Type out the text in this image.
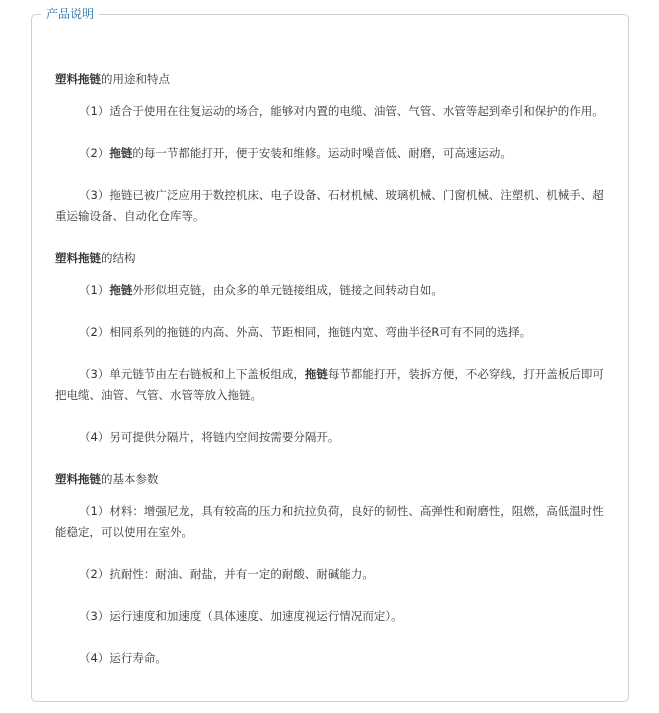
产品说明

塑料拖链的用途和特点

（1）适合于使用在往复运动的场合，能够对内置的电缆、油管、气管、水管等起到牵引和保护的作用。

（2）拖链的每一节都能打开，便于安装和维修。运动时噪音低、耐磨，可高速运动。

（3）拖链已被广泛应用于数控机床、电子设备、石材机械、玻璃机械、门窗机械、注塑机、机械手、超重运输设备、自动化仓库等。

塑料拖链的结构

（1）拖链外形似坦克链，由众多的单元链接组成，链接之间转动自如。

（2）相同系列的拖链的内高、外高、节距相同，拖链内宽、弯曲半径R可有不同的选择。

（3）单元链节由左右链板和上下盖板组成，拖链每节都能打开，装拆方便，不必穿线，打开盖板后即可把电缆、油管、气管、水管等放入拖链。

（4）另可提供分隔片，将链内空间按需要分隔开。

塑料拖链的基本参数

（1）材料：增强尼龙，具有较高的压力和抗拉负荷，良好的韧性、高弹性和耐磨性，阻燃，高低温时性能稳定，可以使用在室外。

（2）抗耐性：耐油、耐盐，并有一定的耐酸、耐碱能力。

（3）运行速度和加速度（具体速度、加速度视运行情况而定）。

（4）运行寿命。
